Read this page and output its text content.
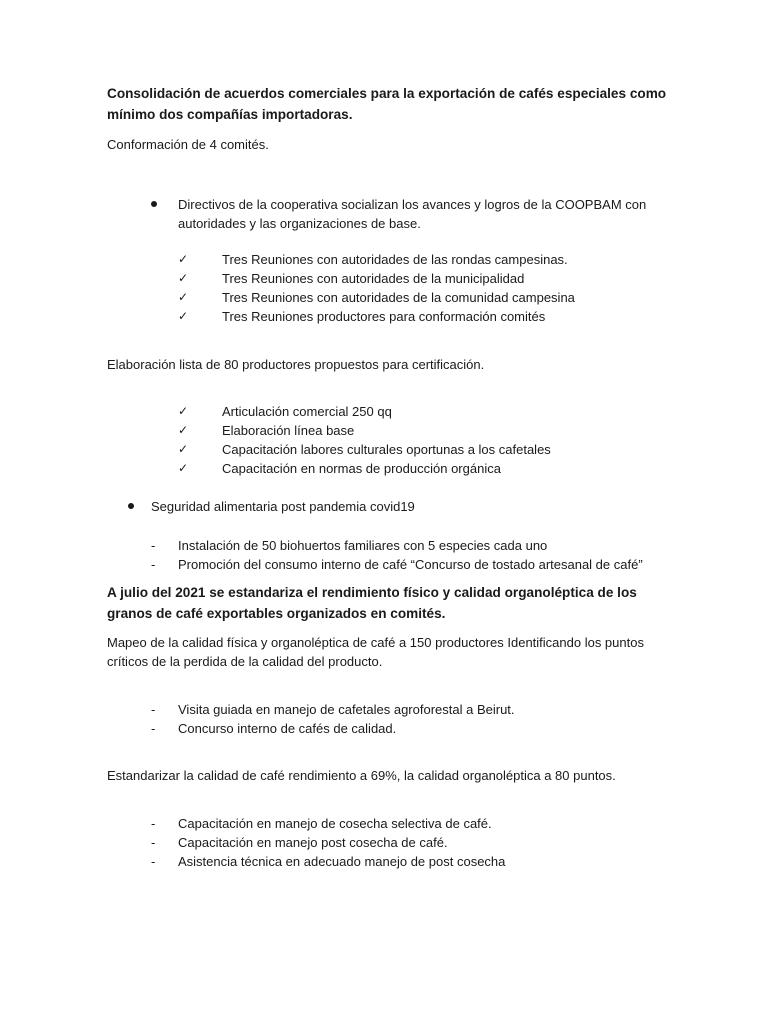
Consolidación de acuerdos comerciales para la exportación de cafés especiales como mínimo dos compañías importadoras.

Conformación de 4 comités.

Directivos de la cooperativa socializan los avances y logros de la COOPBAM con autoridades y las organizaciones de base.

✓	Tres Reuniones con autoridades de las rondas campesinas.
✓	Tres Reuniones con autoridades de la municipalidad
✓	Tres Reuniones con autoridades de la comunidad campesina
✓	Tres Reuniones productores para conformación comités

Elaboración lista de 80 productores propuestos para certificación.

✓	Articulación comercial 250 qq
✓	Elaboración línea base
✓	Capacitación labores culturales oportunas a los cafetales
✓	Capacitación en normas de producción orgánica

Seguridad alimentaria post pandemia covid19

- Instalación de 50 biohuertos familiares con 5 especies cada uno
- Promoción del consumo interno de café “Concurso de tostado artesanal de café”

A julio del 2021 se estandariza el rendimiento físico y calidad organoléptica de los granos de café exportables organizados en comités.

Mapeo de la calidad física y organoléptica de café a 150 productores Identificando los puntos críticos de la perdida de la calidad del producto.

- Visita guiada en manejo de cafetales agroforestal a Beirut.
- Concurso interno de cafés de calidad.

Estandarizar la calidad de café rendimiento a 69%, la calidad organoléptica a 80 puntos.

- Capacitación en manejo de cosecha selectiva de café.
- Capacitación en manejo post cosecha de café.
- Asistencia técnica en adecuado manejo de post cosecha
